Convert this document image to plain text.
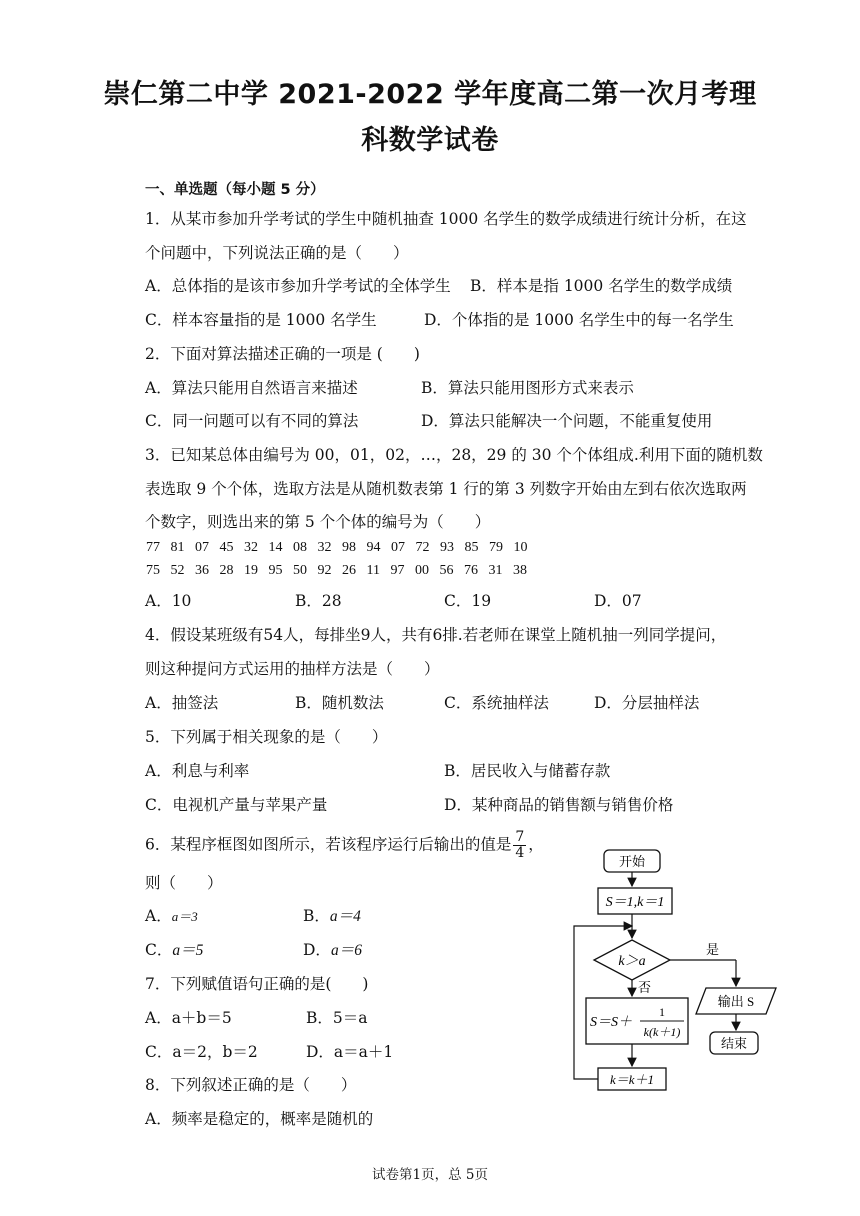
崇仁第二中学 2021-2022 学年度高二第一次月考理
科数学试卷
一、单选题（每小题 5 分）
1．从某市参加升学考试的学生中随机抽查 1000 名学生的数学成绩进行统计分析，在这
个问题中，下列说法正确的是（　　）
A．总体指的是该市参加升学考试的全体学生 B．样本是指 1000 名学生的数学成绩
C．样本容量指的是 1000 名学生	D．个体指的是 1000 名学生中的每一名学生
2．下面对算法描述正确的一项是 (　　)
A．算法只能用自然语言来描述	B．算法只能用图形方式来表示
C．同一问题可以有不同的算法	D．算法只能解决一个问题，不能重复使用
3．已知某总体由编号为 00，01，02，…，28，29 的 30 个个体组成.利用下面的随机数
表选取 9 个个体，选取方法是从随机数表第 1 行的第 3 列数字开始由左到右依次选取两
个数字，则选出来的第 5 个个体的编号为（　　）
77   81   07   45   32   14   08   32   98   94   07   72   93   85   79   10
75   52   36   28   19   95   50   92   26   11   97   00   56   76   31   38
A．10	B．28	C．19	D．07
4．假设某班级有54人，每排坐9人，共有6排.若老师在课堂上随机抽一列同学提问，
则这种提问方式运用的抽样方法是（　　）
A．抽签法	B．随机数法	C．系统抽样法	D．分层抽样法
5．下列属于相关现象的是（　　）
A．利息与利率	B．居民收入与储蓄存款
C．电视机产量与苹果产量	D．某种商品的销售额与销售价格
6．某程序框图如图所示，若该程序运行后输出的值是 $\frac{7}{4}$ ，
则（　　）
A．a＝3	B．a＝4
C．a＝5	D．a＝6
7．下列赋值语句正确的是(　　)
A．a＋b＝5	B．5＝a
C．a＝2，b＝2	D．a＝a＋1
8．下列叙述正确的是（　　）
A．频率是稳定的，概率是随机的
开始
S＝1,k＝1
k＞a
是
输出 S
结束
否
S＝S＋
1
k(k＋1)
k＝k＋1
试卷第1页，总 5页
